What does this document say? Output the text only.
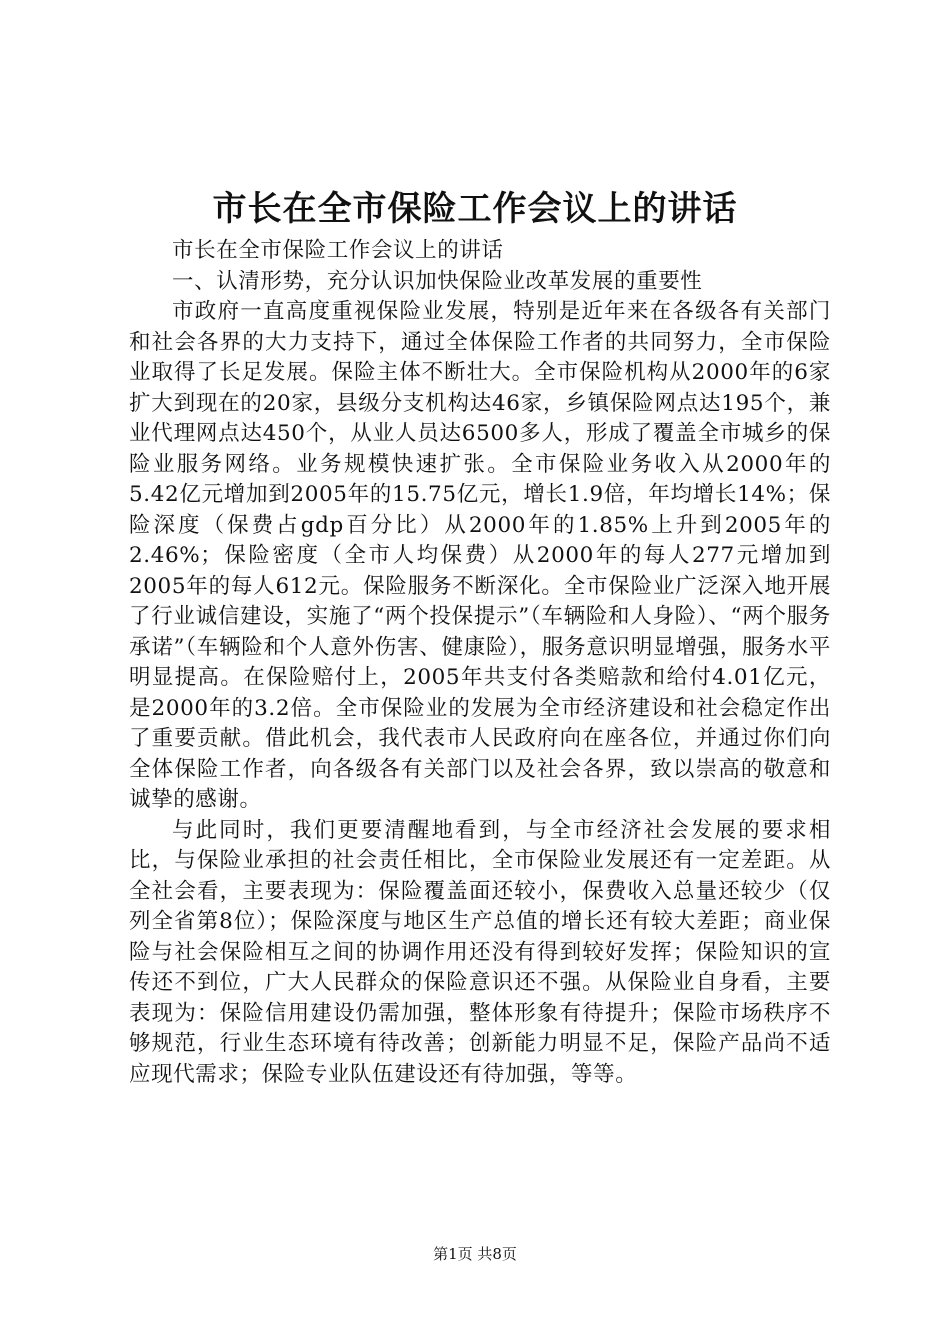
市长在全市保险工作会议上的讲话

市长在全市保险工作会议上的讲话

一、认清形势，充分认识加快保险业改革发展的重要性

市政府一直高度重视保险业发展，特别是近年来在各级各有关部门和社会各界的大力支持下，通过全体保险工作者的共同努力，全市保险业取得了长足发展。保险主体不断壮大。全市保险机构从2000年的6家扩大到现在的20家，县级分支机构达46家，乡镇保险网点达195个，兼业代理网点达450个，从业人员达6500多人，形成了覆盖全市城乡的保险业服务网络。业务规模快速扩张。全市保险业务收入从2000年的5.42亿元增加到2005年的15.75亿元，增长1.9倍，年均增长14%；保险深度（保费占gdp百分比）从2000年的1.85%上升到2005年的2.46%；保险密度（全市人均保费）从2000年的每人277元增加到2005年的每人612元。保险服务不断深化。全市保险业广泛深入地开展了行业诚信建设，实施了“两个投保提示”（车辆险和人身险）、“两个服务承诺”（车辆险和个人意外伤害、健康险），服务意识明显增强，服务水平明显提高。在保险赔付上，2005年共支付各类赔款和给付4.01亿元，是2000年的3.2倍。全市保险业的发展为全市经济建设和社会稳定作出了重要贡献。借此机会，我代表市人民政府向在座各位，并通过你们向全体保险工作者，向各级各有关部门以及社会各界，致以崇高的敬意和诚挚的感谢。

与此同时，我们更要清醒地看到，与全市经济社会发展的要求相比，与保险业承担的社会责任相比，全市保险业发展还有一定差距。从全社会看，主要表现为：保险覆盖面还较小，保费收入总量还较少（仅列全省第8位）；保险深度与地区生产总值的增长还有较大差距；商业保险与社会保险相互之间的协调作用还没有得到较好发挥；保险知识的宣传还不到位，广大人民群众的保险意识还不强。从保险业自身看，主要表现为：保险信用建设仍需加强，整体形象有待提升；保险市场秩序不够规范，行业生态环境有待改善；创新能力明显不足，保险产品尚不适应现代需求；保险专业队伍建设还有待加强，等等。

第1页 共8页
